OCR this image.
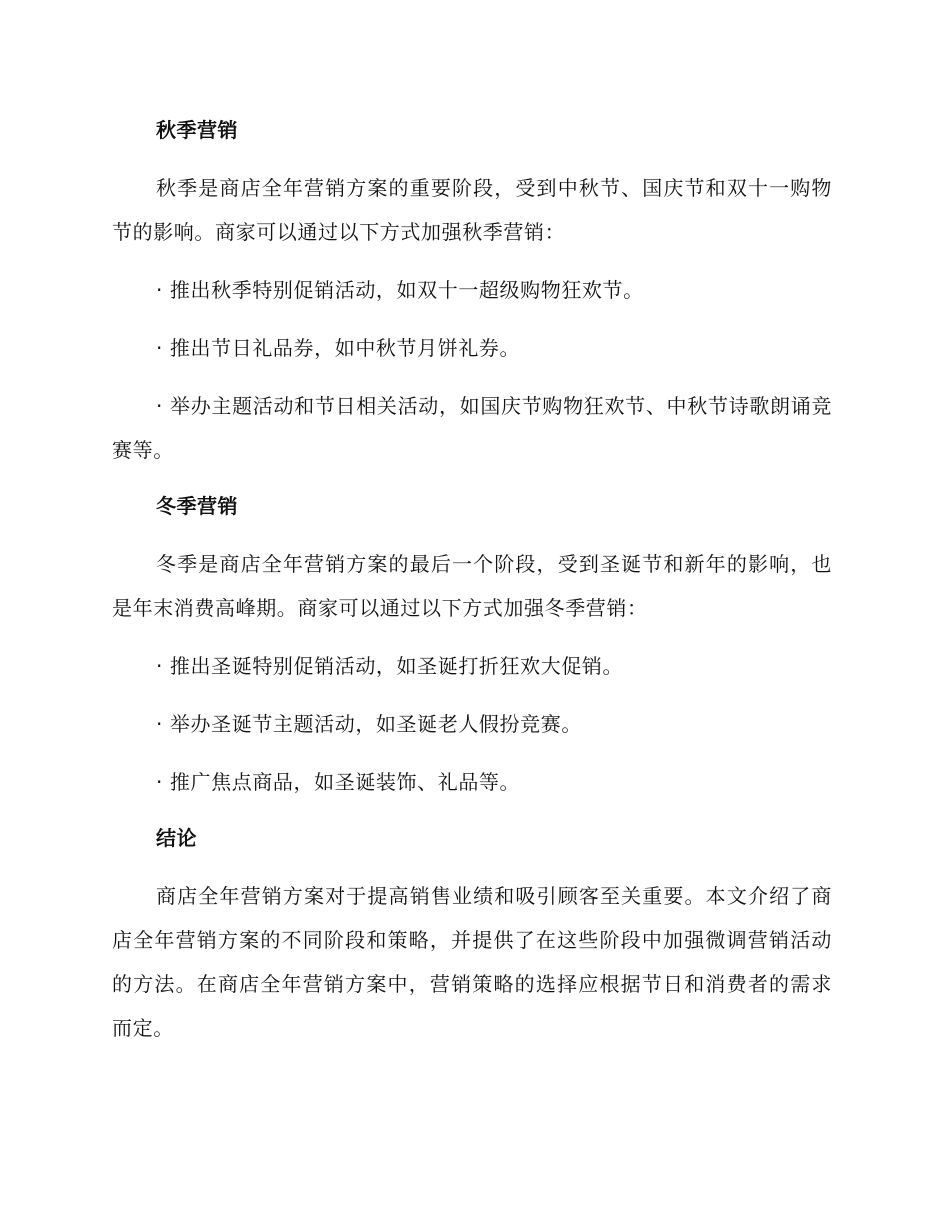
秋季营销

秋季是商店全年营销方案的重要阶段，受到中秋节、国庆节和双十一购物节的影响。商家可以通过以下方式加强秋季营销：

· 推出秋季特别促销活动，如双十一超级购物狂欢节。

· 推出节日礼品券，如中秋节月饼礼券。

· 举办主题活动和节日相关活动，如国庆节购物狂欢节、中秋节诗歌朗诵竞赛等。

冬季营销

冬季是商店全年营销方案的最后一个阶段，受到圣诞节和新年的影响，也是年末消费高峰期。商家可以通过以下方式加强冬季营销：

· 推出圣诞特别促销活动，如圣诞打折狂欢大促销。

· 举办圣诞节主题活动，如圣诞老人假扮竞赛。

· 推广焦点商品，如圣诞装饰、礼品等。

结论

商店全年营销方案对于提高销售业绩和吸引顾客至关重要。本文介绍了商店全年营销方案的不同阶段和策略，并提供了在这些阶段中加强微调营销活动的方法。在商店全年营销方案中，营销策略的选择应根据节日和消费者的需求而定。
